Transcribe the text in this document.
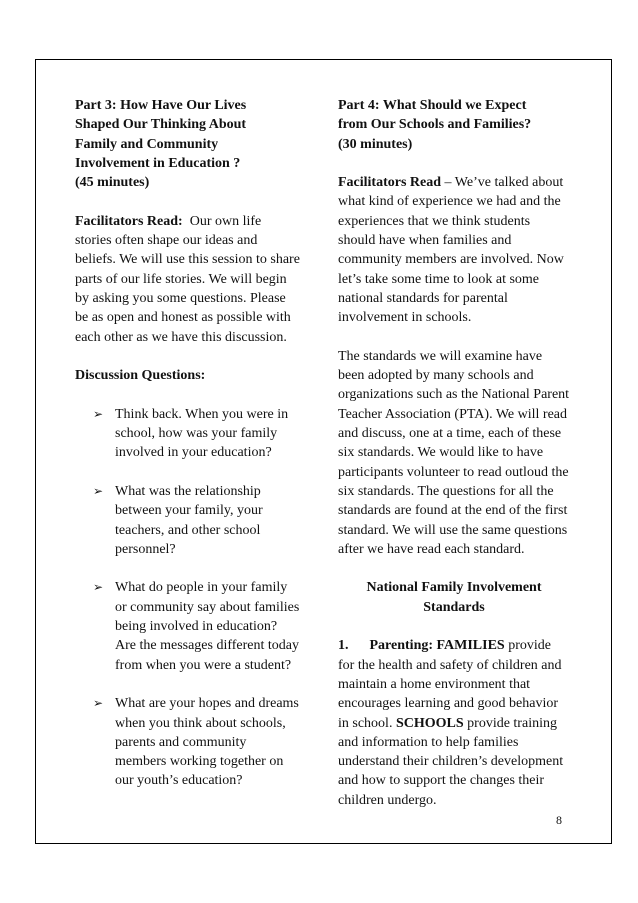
Part 3: How Have Our Lives
Shaped Our Thinking About
Family and Community
Involvement in Education ?
(45 minutes)

Facilitators Read: Our own life stories often shape our ideas and beliefs. We will use this session to share parts of our life stories. We will begin by asking you some questions. Please be as open and honest as possible with each other as we have this discussion.

Discussion Questions:

➢ Think back. When you were in school, how was your family involved in your education?
➢ What was the relationship between your family, your teachers, and other school personnel?
➢ What do people in your family or community say about families being involved in education? Are the messages different today from when you were a student?
➢ What are your hopes and dreams when you think about schools, parents and community members working together on our youth’s education?

Part 4: What Should we Expect
from Our Schools and Families?
(30 minutes)

Facilitators Read – We’ve talked about what kind of experience we had and the experiences that we think students should have when families and community members are involved. Now let’s take some time to look at some national standards for parental involvement in schools.

The standards we will examine have been adopted by many schools and organizations such as the National Parent Teacher Association (PTA). We will read and discuss, one at a time, each of these six standards. We would like to have participants volunteer to read outloud the six standards. The questions for all the standards are found at the end of the first standard. We will use the same questions after we have read each standard.

National Family Involvement
Standards

1. Parenting: FAMILIES provide for the health and safety of children and maintain a home environment that encourages learning and good behavior in school. SCHOOLS provide training and information to help families understand their children’s development and how to support the changes their children undergo.

8
